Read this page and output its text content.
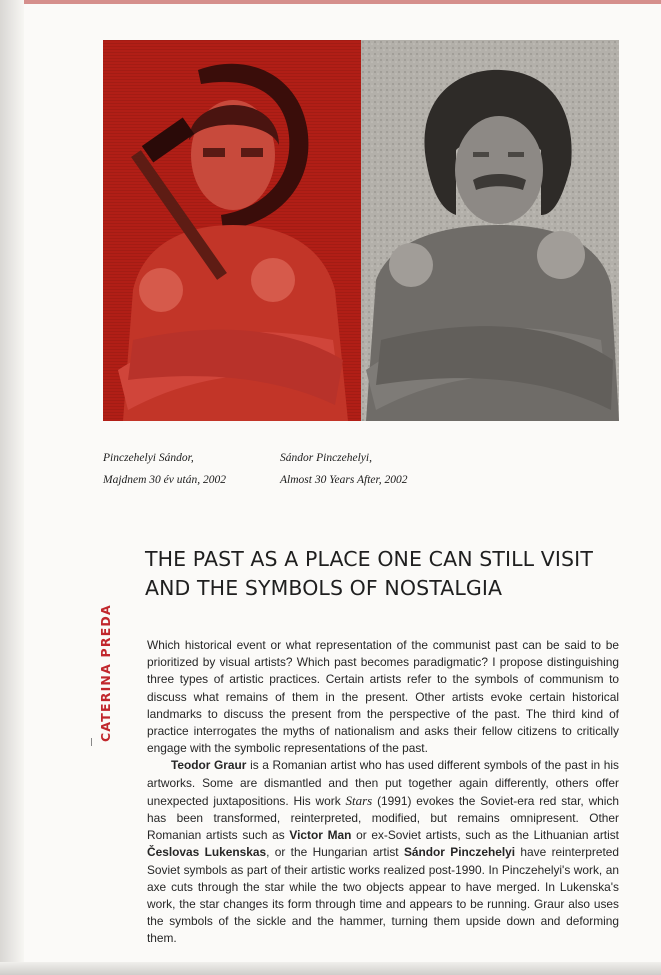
Pinczehelyi Sándor,
Majdnem 30 év után, 2002
Sándor Pinczehelyi,
Almost 30 Years After, 2002
THE PAST AS A PLACE ONE CAN STILL VISIT
AND THE SYMBOLS OF NOSTALGIA
CATERINA PREDA	Which historical event or what representation of the communist past can be said to be prioritized by visual artists? Which past becomes paradigmatic? I propose distinguishing three types of artistic practices. Certain artists refer to the symbols of communism to discuss what remains of them in the present. Other artists evoke certain historical landmarks to discuss the present from the perspective of the past. The third kind of practice interrogates the myths of nationalism and asks their fellow citizens to critically engage with the symbolic representations of the past.

Teodor Graur is a Romanian artist who has used different symbols of the past in his artworks. Some are dismantled and then put together again differently, others offer unexpected juxtapositions. His work Stars (1991) evokes the Soviet-era red star, which has been transformed, reinterpreted, modified, but remains omnipresent. Other Romanian artists such as Victor Man or ex-Soviet artists, such as the Lithuanian artist Česlovas Lukenskas, or the Hungarian artist Sándor Pinczehelyi have reinterpreted Soviet symbols as part of their artistic works realized post-1990. In Pinczehelyi's work, an axe cuts through the star while the two objects appear to have merged. In Lukenska's work, the star changes its form through time and appears to be running. Graur also uses the symbols of the sickle and the hammer, turning them upside down and deforming them.
